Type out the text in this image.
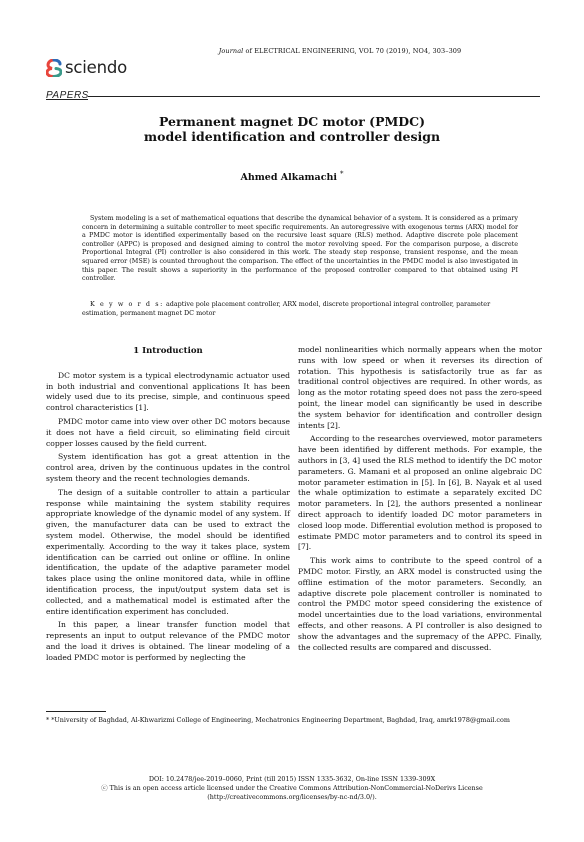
Journal of ELECTRICAL ENGINEERING, VOL 70 (2019), NO4, 303–309
sciendo
PAPERS
Permanent magnet DC motor (PMDC)
model identification and controller design
Ahmed Alkamachi *
System modeling is a set of mathematical equations that describe the dynamical behavior of a system. It is considered as a primary concern in determining a suitable controller to meet specific requirements. An autoregressive with exogenous terms (ARX) model for a PMDC motor is identified experimentally based on the recursive least square (RLS) method. Adaptive discrete pole placement controller (APPC) is proposed and designed aiming to control the motor revolving speed. For the comparison purpose, a discrete Proportional Integral (PI) controller is also considered in this work. The steady step response, transient response, and the mean squared error (MSE) is counted throughout the comparison. The effect of the uncertainties in the PMDC model is also investigated in this paper. The result shows a superiority in the performance of the proposed controller compared to that obtained using PI controller.
K e y w o r d s: adaptive pole placement controller, ARX model, discrete proportional integral controller, parameter estimation, permanent magnet DC motor
1 Introduction

DC motor system is a typical electrodynamic actuator used in both industrial and conventional applications It has been widely used due to its precise, simple, and continuous speed control characteristics [1].

PMDC motor came into view over other DC motors because it does not have a field circuit, so eliminating field circuit copper losses caused by the field current.

System identification has got a great attention in the control area, driven by the continuous updates in the control system theory and the recent technologies demands.

The design of a suitable controller to attain a particular response while maintaining the system stability requires appropriate knowledge of the dynamic model of any system. If given, the manufacturer data can be used to extract the system model. Otherwise, the model should be identified experimentally. According to the way it takes place, system identification can be carried out online or offline. In online identification, the update of the adaptive parameter model takes place using the online monitored data, while in offline identification process, the input/output system data set is collected, and a mathematical model is estimated after the entire identification experiment has concluded.

In this paper, a linear transfer function model that represents an input to output relevance of the PMDC motor and the load it drives is obtained. The linear modeling of a loaded PMDC motor is performed by neglecting the

model nonlinearities which normally appears when the motor runs with low speed or when it reverses its direction of rotation. This hypothesis is satisfactorily true as far as traditional control objectives are required. In other words, as long as the motor rotating speed does not pass the zero-speed point, the linear model can significantly be used in describe the system behavior for identification and controller design intents [2].

According to the researches overviewed, motor parameters have been identified by different methods. For example, the authors in [3, 4] used the RLS method to identify the DC motor parameters. G. Mamani et al proposed an online algebraic DC motor parameter estimation in [5]. In [6], B. Nayak et al used the whale optimization to estimate a separately excited DC motor parameters. In [2], the authors presented a nonlinear direct approach to identify loaded DC motor parameters in closed loop mode. Differential evolution method is proposed to estimate PMDC motor parameters and to control its speed in [7].

This work aims to contribute to the speed control of a PMDC motor. Firstly, an ARX model is constructed using the offline estimation of the motor parameters. Secondly, an adaptive discrete pole placement controller is nominated to control the PMDC motor speed considering the existence of model uncertainties due to the load variations, environmental effects, and other reasons. A PI controller is also designed to show the advantages and the supremacy of the APPC. Finally, the collected results are compared and discussed.

* *University of Baghdad, Al-Khwarizmi College of Engineering, Mechatronics Engineering Department, Baghdad, Iraq, amrk1978@gmail.com
DOI: 10.2478/jee-2019–0060, Print (till 2015) ISSN 1335-3632, On-line ISSN 1339-309X
ⓒ This is an open access article licensed under the Creative Commons Attribution-NonCommercial-NoDerivs License
(http://creativecommons.org/licenses/by-nc-nd/3.0/).
